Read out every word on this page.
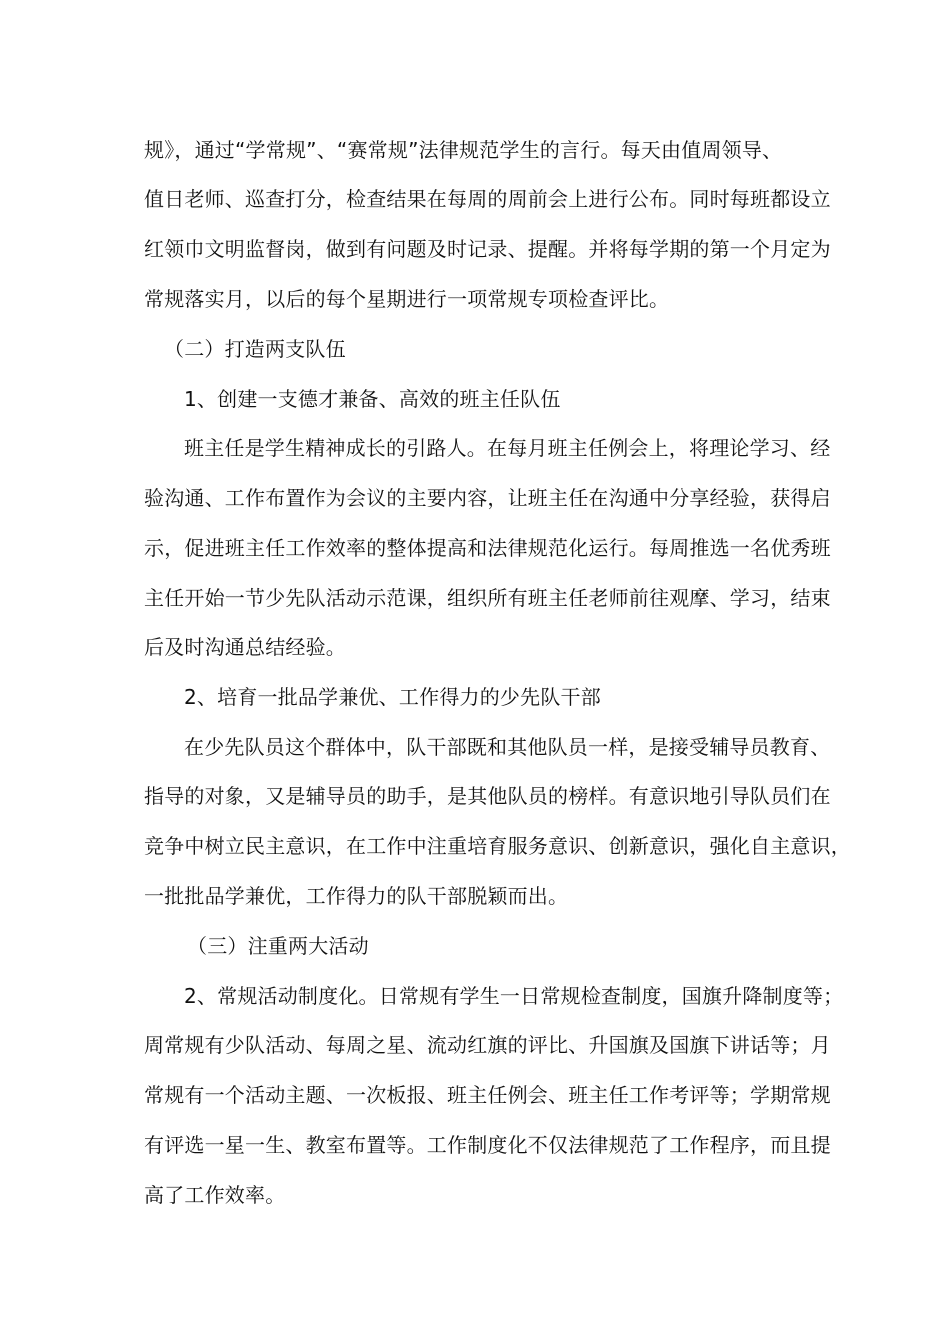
规》，通过“学常规”、“赛常规”法律规范学生的言行。每天由值周领导、
值日老师、巡查打分，检查结果在每周的周前会上进行公布。同时每班都设立
红领巾文明监督岗，做到有问题及时记录、提醒。并将每学期的第一个月定为
常规落实月，以后的每个星期进行一项常规专项检查评比。
（二）打造两支队伍
1、创建一支德才兼备、高效的班主任队伍
班主任是学生精神成长的引路人。在每月班主任例会上，将理论学习、经
验沟通、工作布置作为会议的主要内容，让班主任在沟通中分享经验，获得启
示，促进班主任工作效率的整体提高和法律规范化运行。每周推选一名优秀班
主任开始一节少先队活动示范课，组织所有班主任老师前往观摩、学习，结束
后及时沟通总结经验。
2、培育一批品学兼优、工作得力的少先队干部
在少先队员这个群体中，队干部既和其他队员一样，是接受辅导员教育、
指导的对象，又是辅导员的助手，是其他队员的榜样。有意识地引导队员们在
竞争中树立民主意识，在工作中注重培育服务意识、创新意识，强化自主意识，
一批批品学兼优，工作得力的队干部脱颖而出。
（三）注重两大活动
2、常规活动制度化。日常规有学生一日常规检查制度，国旗升降制度等；
周常规有少队活动、每周之星、流动红旗的评比、升国旗及国旗下讲话等；月
常规有一个活动主题、一次板报、班主任例会、班主任工作考评等；学期常规
有评选一星一生、教室布置等。工作制度化不仅法律规范了工作程序，而且提
高了工作效率。
